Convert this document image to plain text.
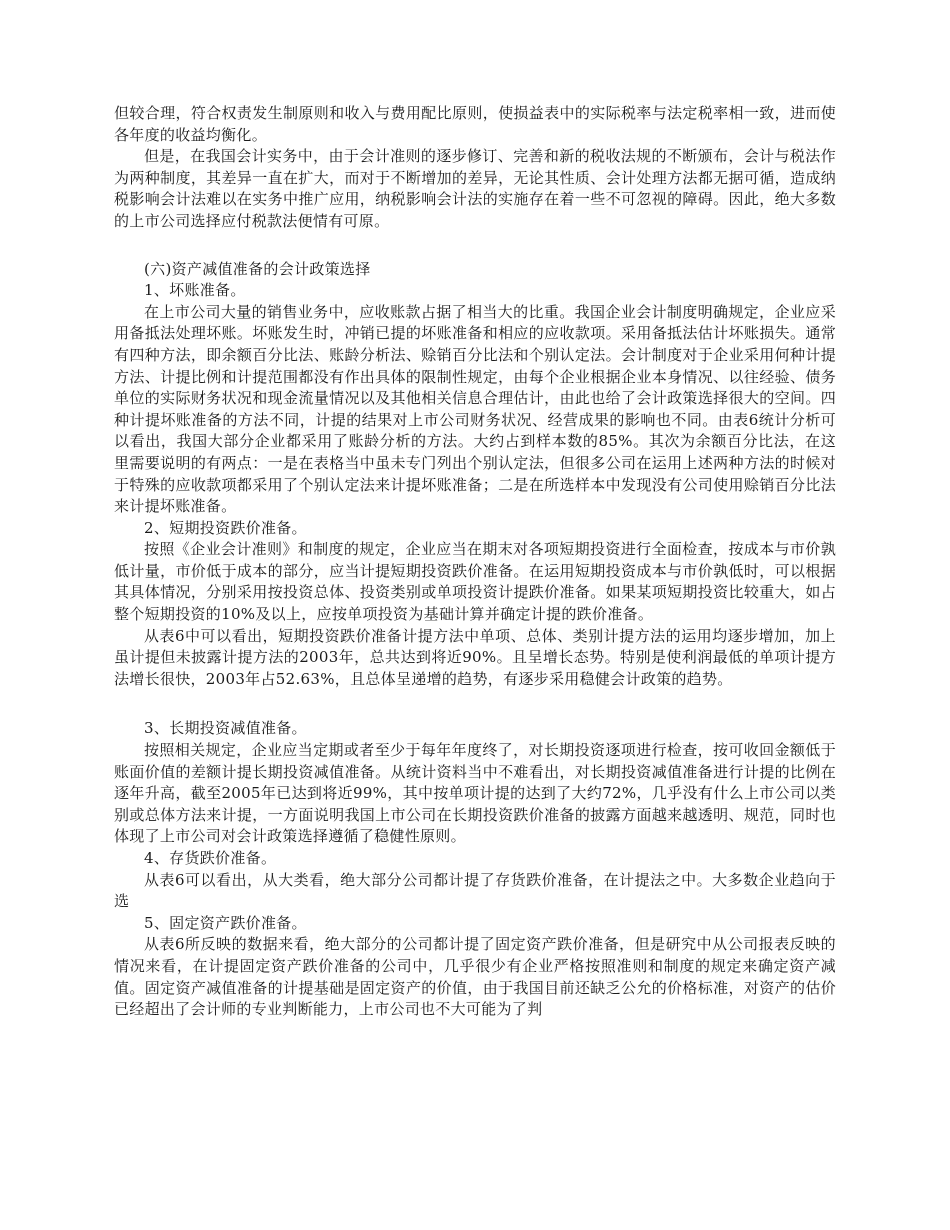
但较合理，符合权责发生制原则和收入与费用配比原则，使损益表中的实际税率与法定税率相一致，进而使各年度的收益均衡化。

但是，在我国会计实务中，由于会计准则的逐步修订、完善和新的税收法规的不断颁布，会计与税法作为两种制度，其差异一直在扩大，而对于不断增加的差异，无论其性质、会计处理方法都无据可循，造成纳税影响会计法难以在实务中推广应用，纳税影响会计法的实施存在着一些不可忽视的障碍。因此，绝大多数的上市公司选择应付税款法便情有可原。

(六)资产减值准备的会计政策选择

1、坏账准备。

在上市公司大量的销售业务中，应收账款占据了相当大的比重。我国企业会计制度明确规定，企业应采用备抵法处理坏账。坏账发生时，冲销已提的坏账准备和相应的应收款项。采用备抵法估计坏账损失。通常有四种方法，即余额百分比法、账龄分析法、赊销百分比法和个别认定法。会计制度对于企业采用何种计提方法、计提比例和计提范围都没有作出具体的限制性规定，由每个企业根据企业本身情况、以往经验、债务单位的实际财务状况和现金流量情况以及其他相关信息合理估计，由此也给了会计政策选择很大的空间。四种计提坏账准备的方法不同，计提的结果对上市公司财务状况、经营成果的影响也不同。由表6统计分析可以看出，我国大部分企业都采用了账龄分析的方法。大约占到样本数的85%。其次为余额百分比法，在这里需要说明的有两点：一是在表格当中虽未专门列出个别认定法，但很多公司在运用上述两种方法的时候对于特殊的应收款项都采用了个别认定法来计提坏账准备；二是在所选样本中发现没有公司使用赊销百分比法来计提坏账准备。

2、短期投资跌价准备。

按照《企业会计准则》和制度的规定，企业应当在期末对各项短期投资进行全面检查，按成本与市价孰低计量，市价低于成本的部分，应当计提短期投资跌价准备。在运用短期投资成本与市价孰低时，可以根据其具体情况，分别采用按投资总体、投资类别或单项投资计提跌价准备。如果某项短期投资比较重大，如占整个短期投资的10%及以上，应按单项投资为基础计算并确定计提的跌价准备。

从表6中可以看出，短期投资跌价准备计提方法中单项、总体、类别计提方法的运用均逐步增加，加上虽计提但未披露计提方法的2003年，总共达到将近90%。且呈增长态势。特别是使利润最低的单项计提方法增长很快，2003年占52.63%，且总体呈递增的趋势，有逐步采用稳健会计政策的趋势。

3、长期投资减值准备。

按照相关规定，企业应当定期或者至少于每年年度终了，对长期投资逐项进行检查，按可收回金额低于账面价值的差额计提长期投资减值准备。从统计资料当中不难看出，对长期投资减值准备进行计提的比例在逐年升高，截至2005年已达到将近99%，其中按单项计提的达到了大约72%，几乎没有什么上市公司以类别或总体方法来计提，一方面说明我国上市公司在长期投资跌价准备的披露方面越来越透明、规范，同时也体现了上市公司对会计政策选择遵循了稳健性原则。

4、存货跌价准备。

从表6可以看出，从大类看，绝大部分公司都计提了存货跌价准备，在计提法之中。大多数企业趋向于选

5、固定资产跌价准备。

从表6所反映的数据来看，绝大部分的公司都计提了固定资产跌价准备，但是研究中从公司报表反映的情况来看，在计提固定资产跌价准备的公司中，几乎很少有企业严格按照准则和制度的规定来确定资产减值。固定资产减值准备的计提基础是固定资产的价值，由于我国目前还缺乏公允的价格标准，对资产的估价已经超出了会计师的专业判断能力，上市公司也不大可能为了判
